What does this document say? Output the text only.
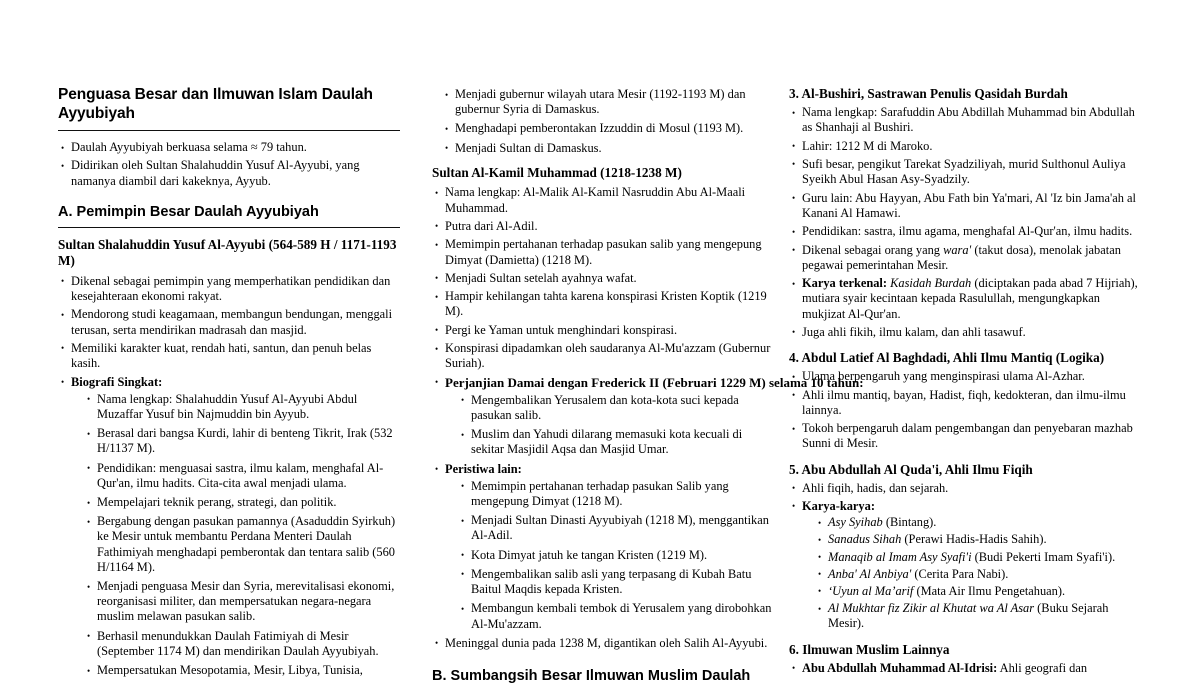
Penguasa Besar dan Ilmuwan Islam Daulah Ayyubiyah
• Daulah Ayyubiyah berkuasa selama ≈ 79 tahun.
• Didirikan oleh Sultan Shalahuddin Yusuf Al-Ayyubi, yang namanya diambil dari kakeknya, Ayyub.
A. Pemimpin Besar Daulah Ayyubiyah
Sultan Shalahuddin Yusuf Al-Ayyubi (564-589 H / 1171-1193 M)
• Dikenal sebagai pemimpin yang memperhatikan pendidikan dan kesejahteraan ekonomi rakyat.
• Mendorong studi keagamaan, membangun bendungan, menggali terusan, serta mendirikan madrasah dan masjid.
• Memiliki karakter kuat, rendah hati, santun, dan penuh belas kasih.
• Biografi Singkat:
• Nama lengkap: Shalahuddin Yusuf Al-Ayyubi Abdul Muzaffar Yusuf bin Najmuddin bin Ayyub.
• Berasal dari bangsa Kurdi, lahir di benteng Tikrit, Irak (532 H/1137 M).
• Pendidikan: menguasai sastra, ilmu kalam, menghafal Al-Qur'an, ilmu hadits. Cita-cita awal menjadi ulama.
• Mempelajari teknik perang, strategi, dan politik.
• Bergabung dengan pasukan pamannya (Asaduddin Syirkuh) ke Mesir untuk membantu Perdana Menteri Daulah Fathimiyah menghadapi pemberontak dan tentara salib (560 H/1164 M).
• Menjadi penguasa Mesir dan Syria, merevitalisasi ekonomi, reorganisasi militer, dan mempersatukan negara-negara muslim melawan pasukan salib.
• Berhasil menundukkan Daulah Fatimiyah di Mesir (September 1174 M) dan mendirikan Daulah Ayyubiyah.
• Mempersatukan Mesopotamia, Mesir, Libya, Tunisia,
• Menjadi gubernur wilayah utara Mesir (1192-1193 M) dan gubernur Syria di Damaskus.
• Menghadapi pemberontakan Izzuddin di Mosul (1193 M).
• Menjadi Sultan di Damaskus.
Sultan Al-Kamil Muhammad (1218-1238 M)
• Nama lengkap: Al-Malik Al-Kamil Nasruddin Abu Al-Maali Muhammad.
• Putra dari Al-Adil.
• Memimpin pertahanan terhadap pasukan salib yang mengepung Dimyat (Damietta) (1218 M).
• Menjadi Sultan setelah ayahnya wafat.
• Hampir kehilangan tahta karena konspirasi Kristen Koptik (1219 M).
• Pergi ke Yaman untuk menghindari konspirasi.
• Konspirasi dipadamkan oleh saudaranya Al-Mu'azzam (Gubernur Suriah).
• Perjanjian Damai dengan Frederick II (Februari 1229 M) selama 10 tahun:
• Mengembalikan Yerusalem dan kota-kota suci kepada pasukan salib.
• Muslim dan Yahudi dilarang memasuki kota kecuali di sekitar Masjidil Aqsa dan Masjid Umar.
• Peristiwa lain:
• Memimpin pertahanan terhadap pasukan Salib yang mengepung Dimyat (1218 M).
• Menjadi Sultan Dinasti Ayyubiyah (1218 M), menggantikan Al-Adil.
• Kota Dimyat jatuh ke tangan Kristen (1219 M).
• Mengembalikan salib asli yang terpasang di Kubah Batu Baitul Maqdis kepada Kristen.
• Membangun kembali tembok di Yerusalem yang dirobohkan Al-Mu'azzam.
• Meninggal dunia pada 1238 M, digantikan oleh Salih Al-Ayyubi.
B. Sumbangsih Besar Ilmuwan Muslim Daulah
3. Al-Bushiri, Sastrawan Penulis Qasidah Burdah
• Nama lengkap: Sarafuddin Abu Abdillah Muhammad bin Abdullah as Shanhaji al Bushiri.
• Lahir: 1212 M di Maroko.
• Sufi besar, pengikut Tarekat Syadziliyah, murid Sulthonul Auliya Syeikh Abul Hasan Asy-Syadzily.
• Guru lain: Abu Hayyan, Abu Fath bin Ya'mari, Al 'Iz bin Jama'ah al Kanani Al Hamawi.
• Pendidikan: sastra, ilmu agama, menghafal Al-Qur'an, ilmu hadits.
• Dikenal sebagai orang yang wara' (takut dosa), menolak jabatan pegawai pemerintahan Mesir.
• Karya terkenal: Kasidah Burdah (diciptakan pada abad 7 Hijriah), mutiara syair kecintaan kepada Rasulullah, mengungkapkan mukjizat Al-Qur'an.
• Juga ahli fikih, ilmu kalam, dan ahli tasawuf.
4. Abdul Latief Al Baghdadi, Ahli Ilmu Mantiq (Logika)
• Ulama berpengaruh yang menginspirasi ulama Al-Azhar.
• Ahli ilmu mantiq, bayan, Hadist, fiqh, kedokteran, dan ilmu-ilmu lainnya.
• Tokoh berpengaruh dalam pengembangan dan penyebaran mazhab Sunni di Mesir.
5. Abu Abdullah Al Quda'i, Ahli Ilmu Fiqih
• Ahli fiqih, hadis, dan sejarah.
• Karya-karya:
• Asy Syihab (Bintang).
• Sanadus Sihah (Perawi Hadis-Hadis Sahih).
• Manaqib al Imam Asy Syafi'i (Budi Pekerti Imam Syafi'i).
• Anba' Al Anbiya' (Cerita Para Nabi).
• ‘Uyun al Ma’arif (Mata Air Ilmu Pengetahuan).
• Al Mukhtar fiz Zikir al Khutat wa Al Asar (Buku Sejarah Mesir).
6. Ilmuwan Muslim Lainnya
• Abu Abdullah Muhammad Al-Idrisi: Ahli geografi dan
